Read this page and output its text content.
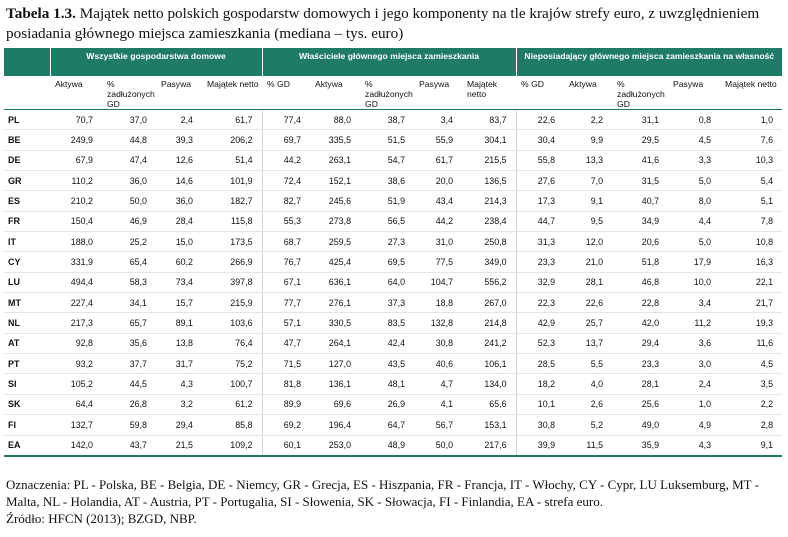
Tabela 1.3. Majątek netto polskich gospodarstw domowych i jego komponenty na tle krajów strefy euro, z uwzględnieniem posiadania głównego miejsca zamieszkania (mediana – tys. euro)
	Wszystkie gospodarstwa domowe				Właściciele głównego miejsca zamieszkania					Nieposiadający głównego miejsca zamieszkania na własność				
	Aktywa	% zadłużonych GD	Pasywa	Majątek netto	% GD	Aktywa	% zadłużonych GD	Pasywa	Majątek netto	% GD	Aktywa	% zadłużonych GD	Pasywa	Majątek netto
PL	70,7	37,0	2,4	61,7	77,4	88,0	38,7	3,4	83,7	22,6	2,2	31,1	0,8	1,0
BE	249,9	44,8	39,3	206,2	69,7	335,5	51,5	55,9	304,1	30,4	9,9	29,5	4,5	7,6
DE	67,9	47,4	12,6	51,4	44,2	263,1	54,7	61,7	215,5	55,8	13,3	41,6	3,3	10,3
GR	110,2	36,0	14,6	101,9	72,4	152,1	38,6	20,0	136,5	27,6	7,0	31,5	5,0	5,4
ES	210,2	50,0	36,0	182,7	82,7	245,6	51,9	43,4	214,3	17,3	9,1	40,7	8,0	5,1
FR	150,4	46,9	28,4	115,8	55,3	273,8	56,5	44,2	238,4	44,7	9,5	34,9	4,4	7,8
IT	188,0	25,2	15,0	173,5	68,7	259,5	27,3	31,0	250,8	31,3	12,0	20,6	5,0	10,8
CY	331,9	65,4	60,2	266,9	76,7	425,4	69,5	77,5	349,0	23,3	21,0	51,8	17,9	16,3
LU	494,4	58,3	73,4	397,8	67,1	636,1	64,0	104,7	556,2	32,9	28,1	46,8	10,0	22,1
MT	227,4	34,1	15,7	215,9	77,7	276,1	37,3	18,8	267,0	22,3	22,6	22,8	3,4	21,7
NL	217,3	65,7	89,1	103,6	57,1	330,5	83,5	132,8	214,8	42,9	25,7	42,0	11,2	19,3
AT	92,8	35,6	13,8	76,4	47,7	264,1	42,4	30,8	241,2	52,3	13,7	29,4	3,6	11,6
PT	93,2	37,7	31,7	75,2	71,5	127,0	43,5	40,6	106,1	28,5	5,5	23,3	3,0	4,5
SI	105,2	44,5	4,3	100,7	81,8	136,1	48,1	4,7	134,0	18,2	4,0	28,1	2,4	3,5
SK	64,4	26,8	3,2	61,2	89,9	69,6	26,9	4,1	65,6	10,1	2,6	25,6	1,0	2,2
FI	132,7	59,8	29,4	85,8	69,2	196,4	64,7	56,7	153,1	30,8	5,2	49,0	4,9	2,8
EA	142,0	43,7	21,5	109,2	60,1	253,0	48,9	50,0	217,6	39,9	11,5	35,9	4,3	9,1
Oznaczenia: PL - Polska, BE - Belgia, DE - Niemcy, GR - Grecja, ES - Hiszpania, FR - Francja, IT - Włochy, CY - Cypr, LU Luksemburg, MT - Malta, NL - Holandia, AT - Austria, PT - Portugalia, SI - Słowenia, SK - Słowacja, FI - Finlandia, EA - strefa euro.
Źródło: HFCN (2013); BZGD, NBP.
